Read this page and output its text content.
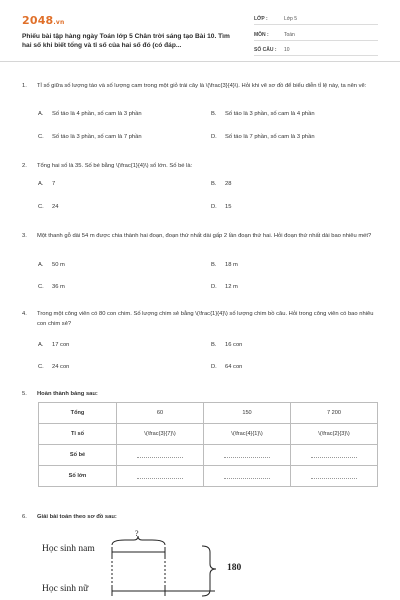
2048.vn
Phiếu bài tập hàng ngày Toán lớp 5 Chân trời sáng tạo Bài 10. Tìm hai số khi biết tổng và tỉ số của hai số đó (có đáp...
LỚP :	Lớp 5
MÔN :	Toán
SỐ CÂU : 10
1. Tỉ số giữa số lượng táo và số lượng cam trong một giỏ trái cây là \(\frac{3}{4}\). Hỏi khi vẽ sơ đồ để biểu diễn tỉ lệ này, ta nên vẽ:
A. Số táo là 4 phần, số cam là 3 phần	B. Số táo là 3 phần, số cam là 4 phần
C. Số táo là 3 phần, số cam là 7 phần	D. Số táo là 7 phần, số cam là 3 phần
2. Tổng hai số là 35. Số bé bằng \(\frac{1}{4}\) số lớn. Số bé là:
A. 7	B. 28
C. 24	D. 15
3. Một thanh gỗ dài 54 m được chia thành hai đoạn, đoạn thứ nhất dài gấp 2 lần đoạn thứ hai. Hỏi đoạn thứ nhất dài bao nhiêu mét?
A. 50 m	B. 18 m
C. 36 m	D. 12 m
4. Trong một công viên có 80 con chim. Số lượng chim sẻ bằng \(\frac{1}{4}\) số lượng chim bồ câu. Hỏi trong công viên có bao nhiêu con chim sẻ?
A. 17 con	B. 16 con
C. 24 con	D. 64 con
5. Hoàn thành bảng sau:
Tổng	60	150	7 200
Tỉ số	\(\frac{3}{7}\)	\(\frac{4}{1}\)	\(\frac{2}{3}\)
Số bé			
Số lớn			
6. Giải bài toán theo sơ đồ sau:
Học sinh nam
Học sinh nữ
?
180
